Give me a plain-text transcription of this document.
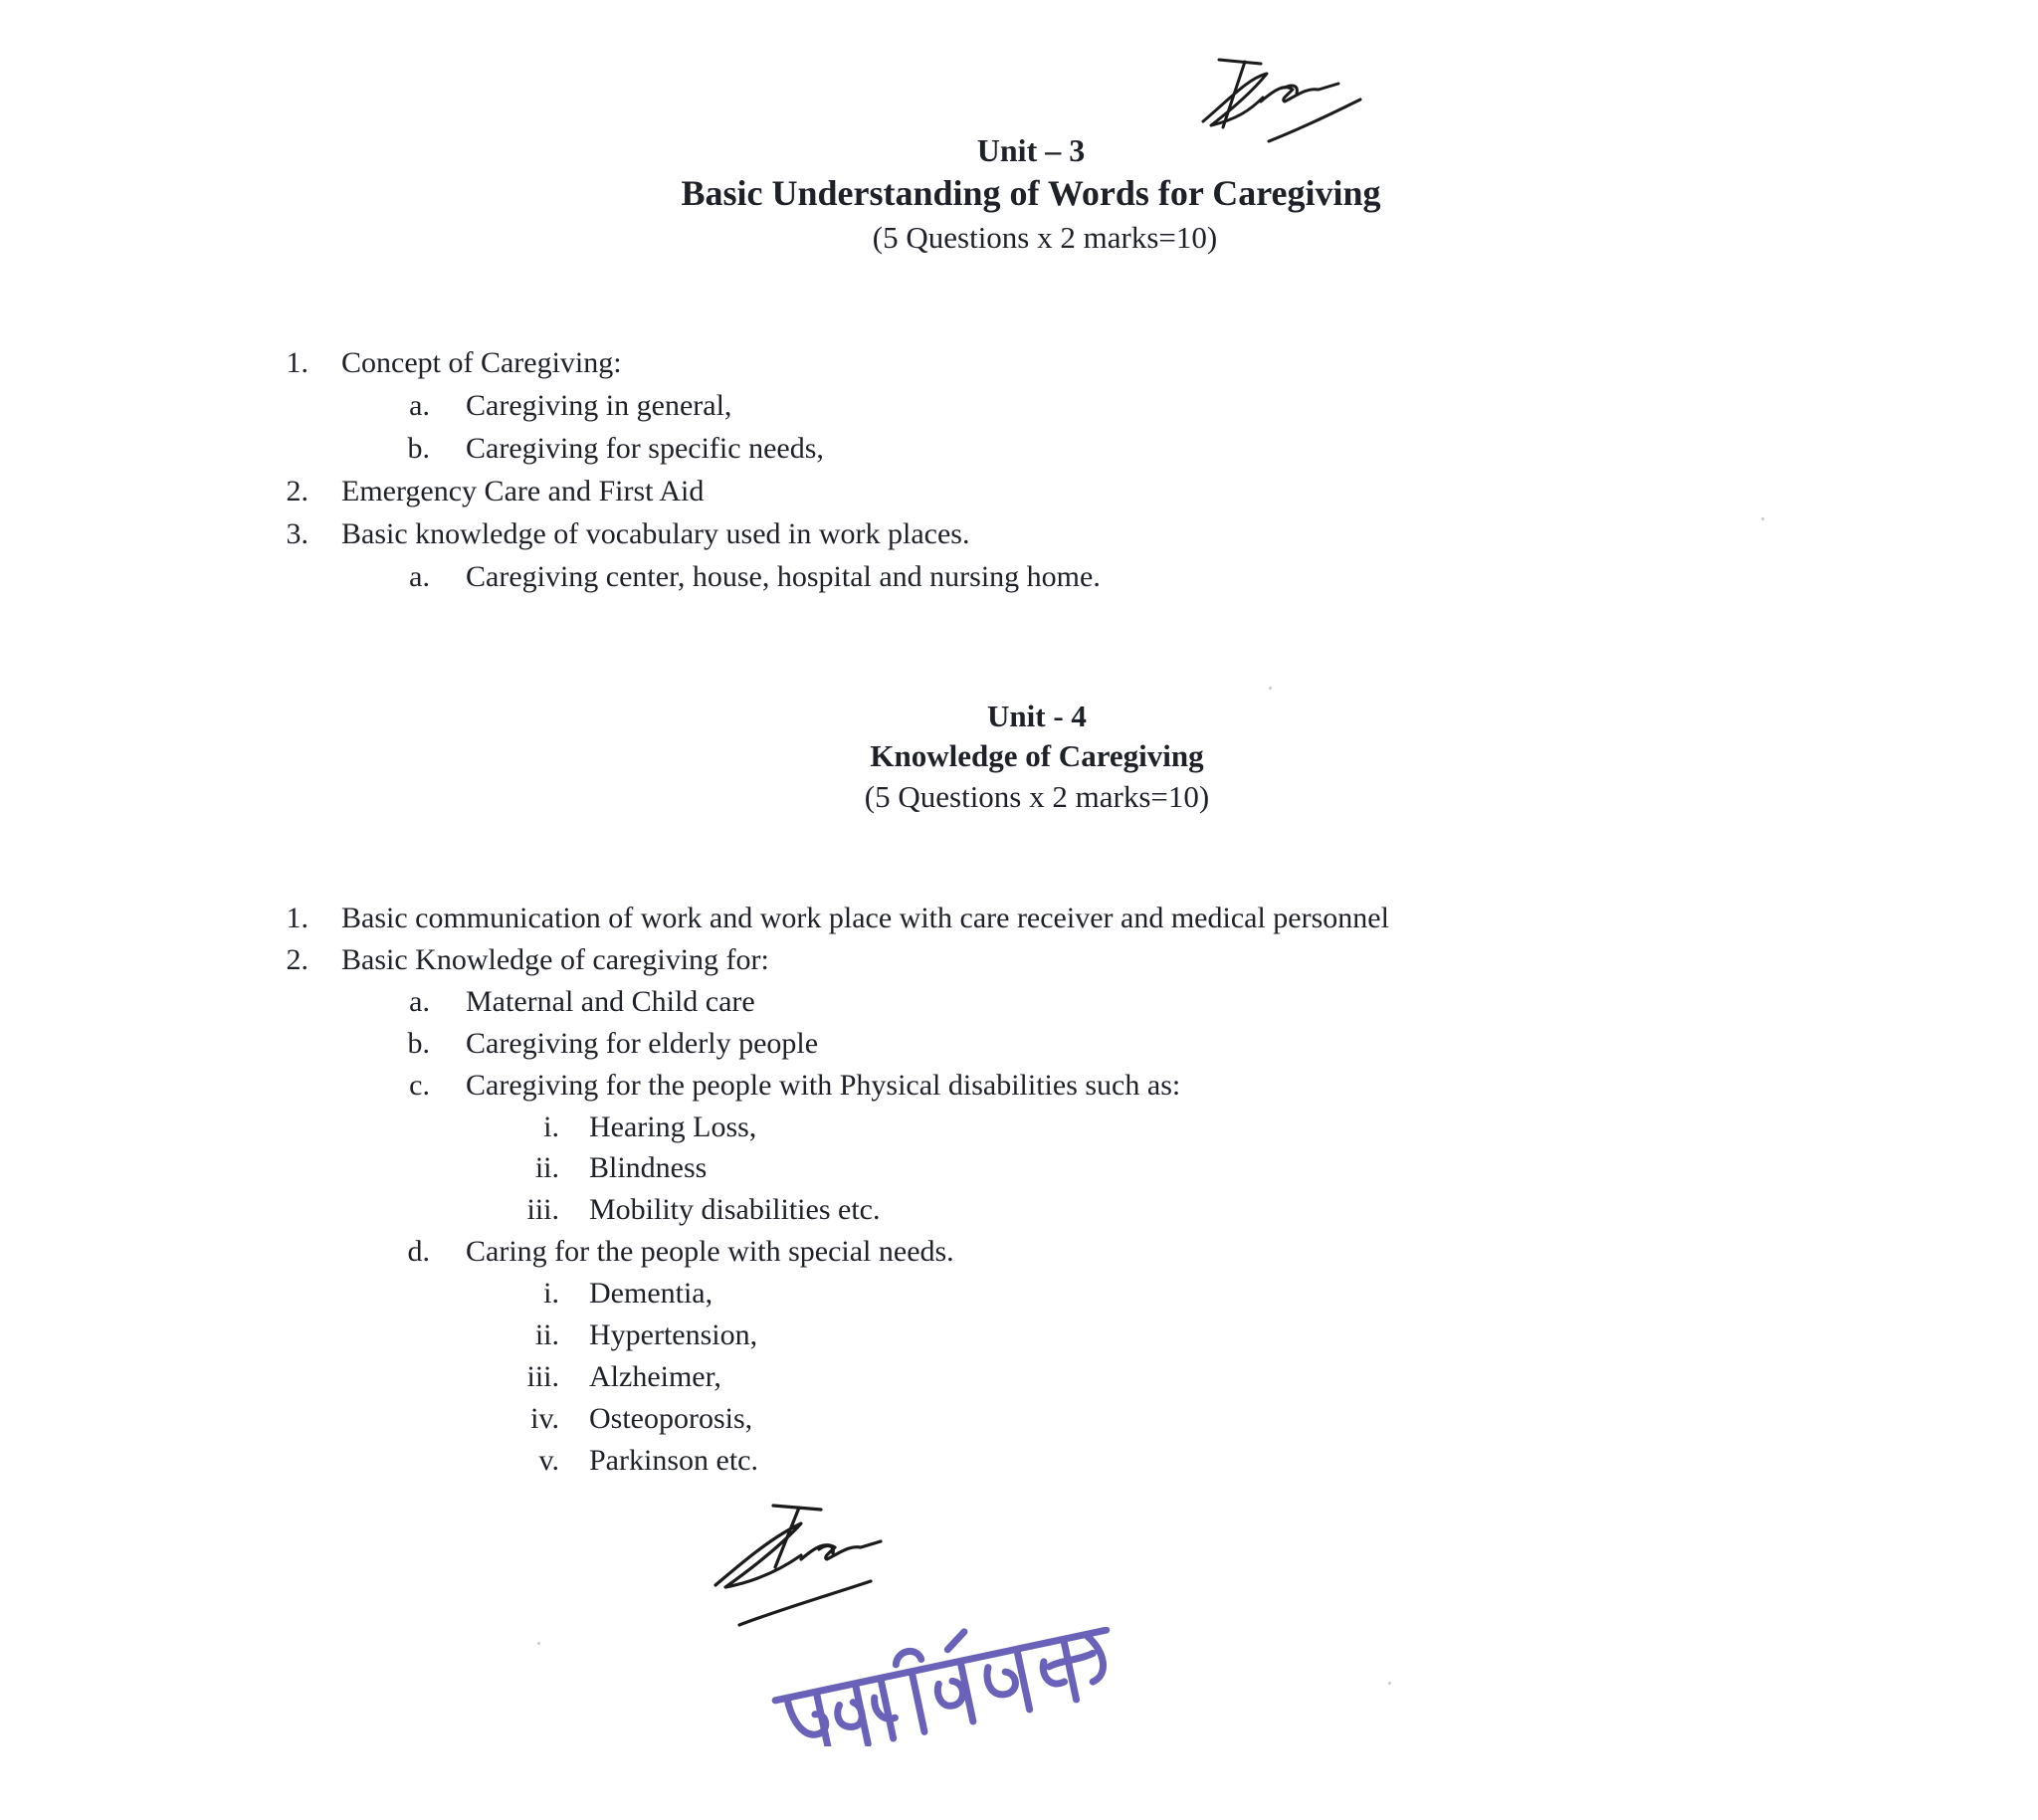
Unit – 3
Basic Understanding of Words for Caregiving
(5 Questions x 2 marks=10)
1. Concept of Caregiving:
a. Caregiving in general,
b. Caregiving for specific needs,
2. Emergency Care and First Aid
3. Basic knowledge of vocabulary used in work places.
a. Caregiving center, house, hospital and nursing home.
Unit - 4
Knowledge of Caregiving
(5 Questions x 2 marks=10)
1. Basic communication of work and work place with care receiver and medical personnel
2. Basic Knowledge of caregiving for:
a. Maternal and Child care
b. Caregiving for elderly people
c. Caregiving for the people with Physical disabilities such as:
i. Hearing Loss,
ii. Blindness
iii. Mobility disabilities etc.
d. Caring for the people with special needs.
i. Dementia,
ii. Hypertension,
iii. Alzheimer,
iv. Osteoporosis,
v. Parkinson etc.
